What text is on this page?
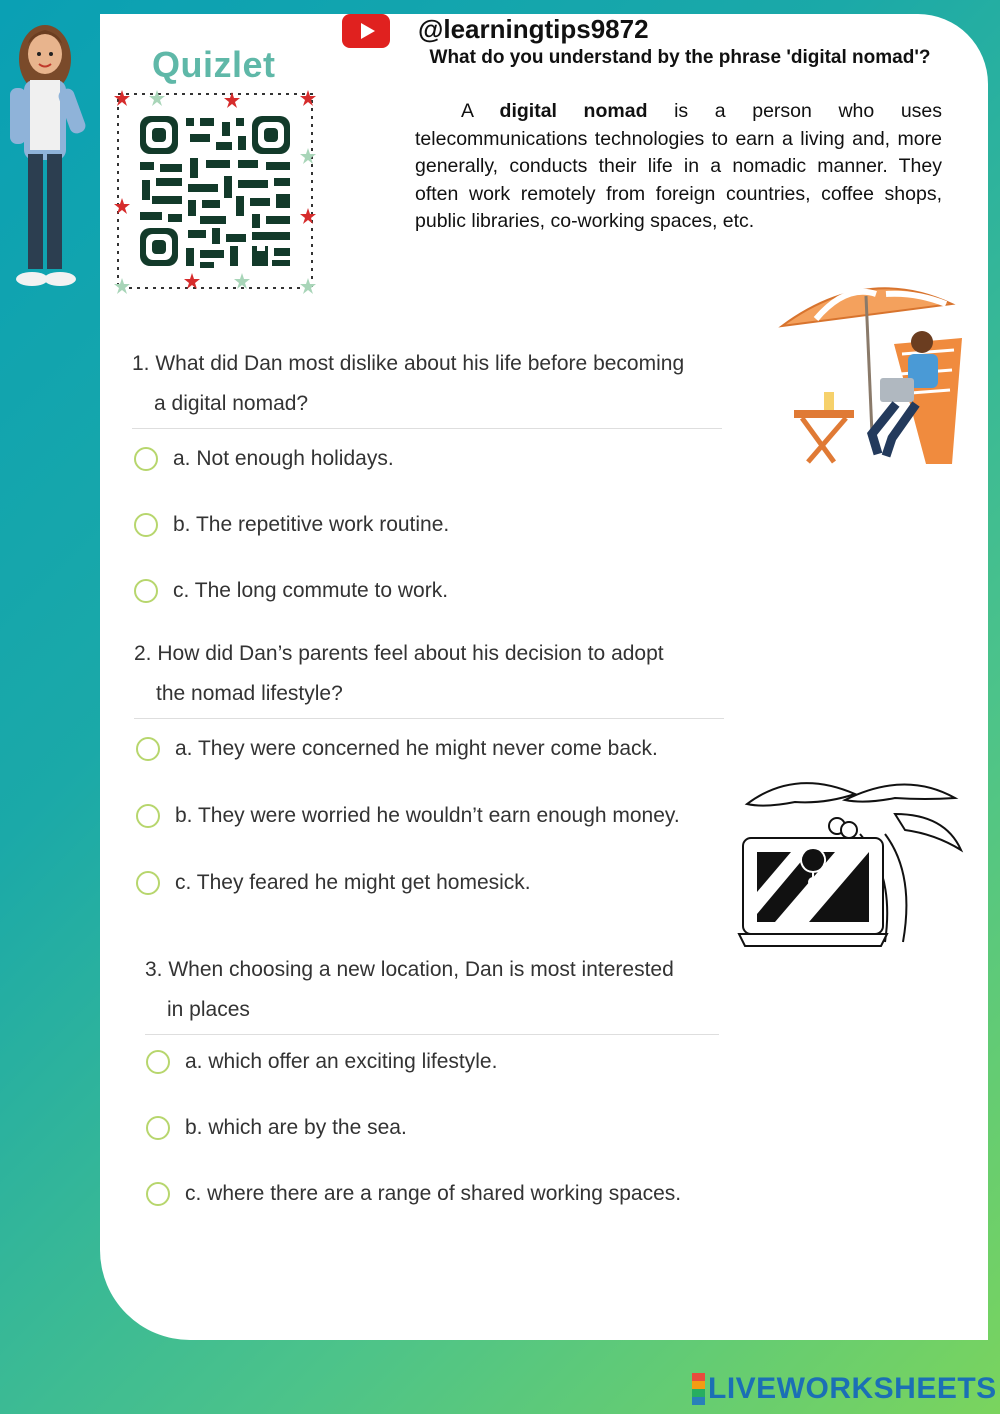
Quizlet
@learningtips9872
What do you understand by the phrase 'digital nomad'?
A digital nomad is a person who uses telecommunications technologies to earn a living and, more generally, conducts their life in a nomadic manner. They often work remotely from foreign countries, coffee shops, public libraries, co-working spaces, etc.
1. What did Dan most dislike about his life before becoming
a digital nomad?
a. Not enough holidays.
b. The repetitive work routine.
c. The long commute to work.
2. How did Dan’s parents feel about his decision to adopt
the nomad lifestyle?
a. They were concerned he might never come back.
b. They were worried he wouldn’t earn enough money.
c. They feared he might get homesick.
3. When choosing a new location, Dan is most interested
in places
a. which offer an exciting lifestyle.
b. which are by the sea.
c. where there are a range of shared working spaces.
LIVEWORKSHEETS
